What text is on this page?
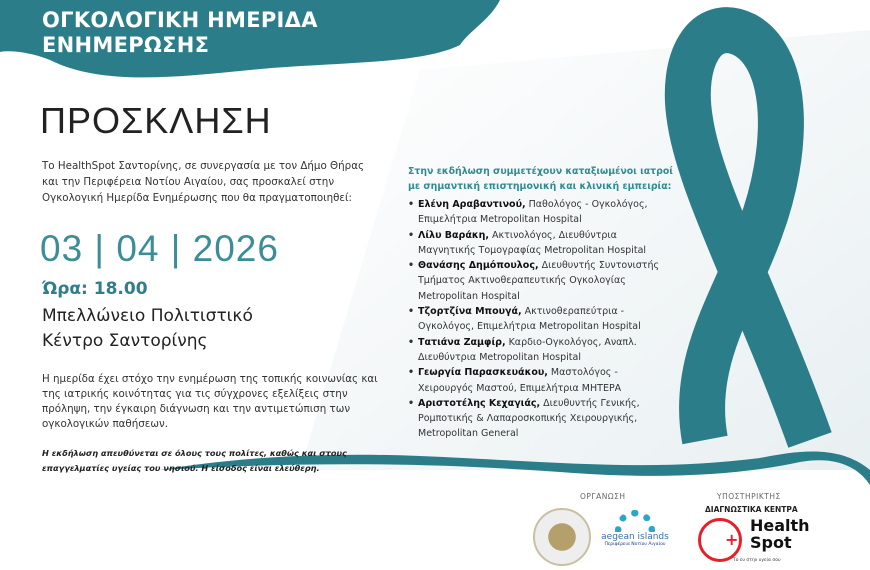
ΟΓΚΟΛΟΓΙΚΗ ΗΜΕΡΙΔΑ
ΕΝΗΜΕΡΩΣΗΣ
ΠΡΟΣΚΛΗΣΗ
Το HealthSpot Σαντορίνης, σε συνεργασία με τον Δήμο Θήρας και την Περιφέρεια Νοτίου Αιγαίου, σας προσκαλεί στην Ογκολογική Ημερίδα Ενημέρωσης που θα πραγματοποιηθεί:
03 | 04 | 2026
Ώρα: 18.00
Μπελλώνειο Πολιτιστικό
Κέντρο Σαντορίνης
Η ημερίδα έχει στόχο την ενημέρωση της τοπικής κοινωνίας και της ιατρικής κοινότητας για τις σύγχρονες εξελίξεις στην πρόληψη, την έγκαιρη διάγνωση και την αντιμετώπιση των ογκολογικών παθήσεων.
Η εκδήλωση απευθύνεται σε όλους τους πολίτες, καθώς και στους
επαγγελματίες υγείας του νησιού. Η είσοδος είναι ελεύθερη.
Στην εκδήλωση συμμετέχουν καταξιωμένοι ιατροί
με σημαντική επιστημονική και κλινική εμπειρία:
• Ελένη Αραβαντινού, Παθολόγος - Ογκολόγος, Επιμελήτρια Metropolitan Hospital
• Λίλυ Βαράκη, Ακτινολόγος, Διευθύντρια Μαγνητικής Τομογραφίας Metropolitan Hospital
• Θανάσης Δημόπουλος, Διευθυντής Συντονιστής Τμήματος Ακτινοθεραπευτικής Ογκολογίας Metropolitan Hospital
• Τζορτζίνα Μπουγά, Ακτινοθεραπεύτρια - Ογκολόγος, Επιμελήτρια Metropolitan Hospital
• Τατιάνα Ζαμφίρ, Καρδιο-Ογκολόγος, Αναπλ. Διευθύντρια Metropolitan Hospital
• Γεωργία Παρασκευάκου, Μαστολόγος - Χειρουργός Μαστού, Επιμελήτρια ΜΗΤΕΡΑ
• Αριστοτέλης Κεχαγιάς, Διευθυντής Γενικής, Ρομποτικής & Λαπαροσκοπικής Χειρουργικής, Metropolitan General
ΟΡΓΑΝΩΣΗ
aegean islands
Περιφέρεια Νοτίου Αιγαίου
ΥΠΟΣΤΗΡΙΚΤΗΣ
ΔΙΑΓΝΩΣΤΙΚΑ ΚΕΝΤΡΑ
+
Health
Spot
Το ευ στην υγεία σου
